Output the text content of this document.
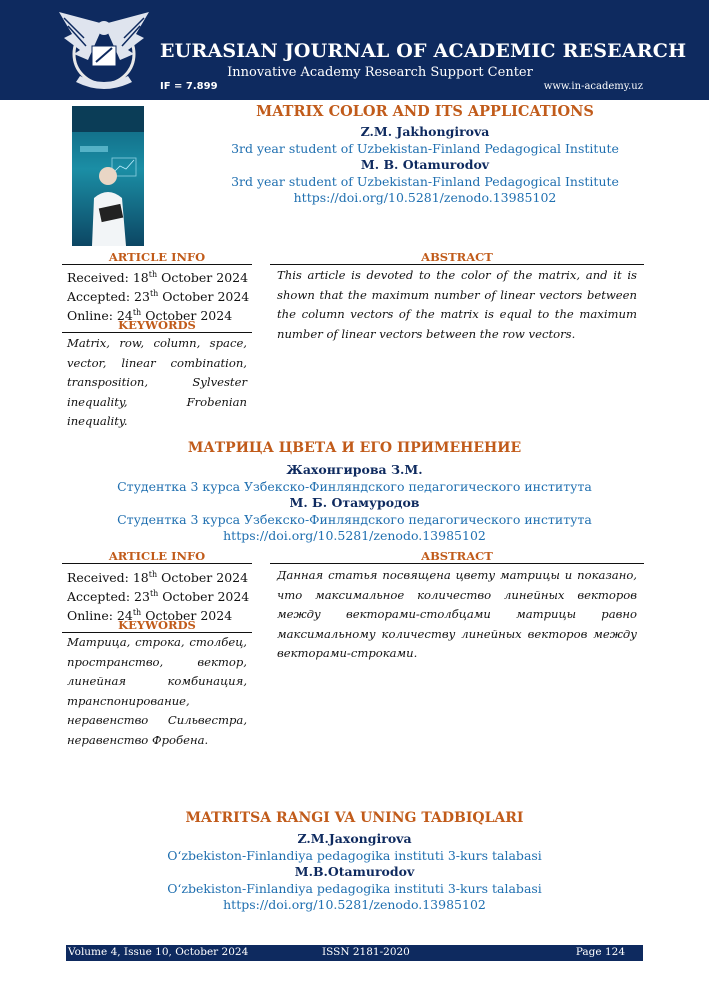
EURASIAN JOURNAL OF ACADEMIC RESEARCH
Innovative Academy Research Support Center
IF = 7.899	www.in-academy.uz
MATRIX COLOR AND ITS APPLICATIONS
Z.M. Jakhongirova
3rd year student of Uzbekistan-Finland Pedagogical Institute
M. B. Otamurodov
3rd year student of Uzbekistan-Finland Pedagogical Institute
https://doi.org/10.5281/zenodo.13985102
ARTICLE INFO
Received: 18th October 2024
Accepted: 23th October 2024
Online: 24th October 2024
KEYWORDS
Matrix, row, column, space, vector, linear combination, transposition, Sylvester inequality, Frobenian inequality.
ABSTRACT
This article is devoted to the color of the matrix, and it is shown that the maximum number of linear vectors between the column vectors of the matrix is equal to the maximum number of linear vectors between the row vectors.
МАТРИЦА ЦВЕТА И ЕГО ПРИМЕНЕНИЕ
Жахонгирова З.М.
Студентка 3 курса Узбекско-Финляндского педагогического института
М. Б. Отамуродов
Студентка 3 курса Узбекско-Финляндского педагогического института
https://doi.org/10.5281/zenodo.13985102
ARTICLE INFO
Received: 18th October 2024
Accepted: 23th October 2024
Online: 24th October 2024
KEYWORDS
Матрица, строка, столбец, пространство, вектор, линейная комбинация, транспонирование, неравенство Сильвестра, неравенство Фробена.
ABSTRACT
Данная статья посвящена цвету матрицы и показано, что максимальное количество линейных векторов между векторами-столбцами матрицы равно максимальному количеству линейных векторов между векторами-строками.
MATRITSA RANGI VA UNING TADBIQLARI
Z.M.Jaxongirova
O‘zbekiston-Finlandiya pedagogika instituti 3-kurs talabasi
M.B.Otamurodov
O‘zbekiston-Finlandiya pedagogika instituti 3-kurs talabasi
https://doi.org/10.5281/zenodo.13985102
Volume 4, Issue 10, October 2024	ISSN 2181-2020	Page 124
